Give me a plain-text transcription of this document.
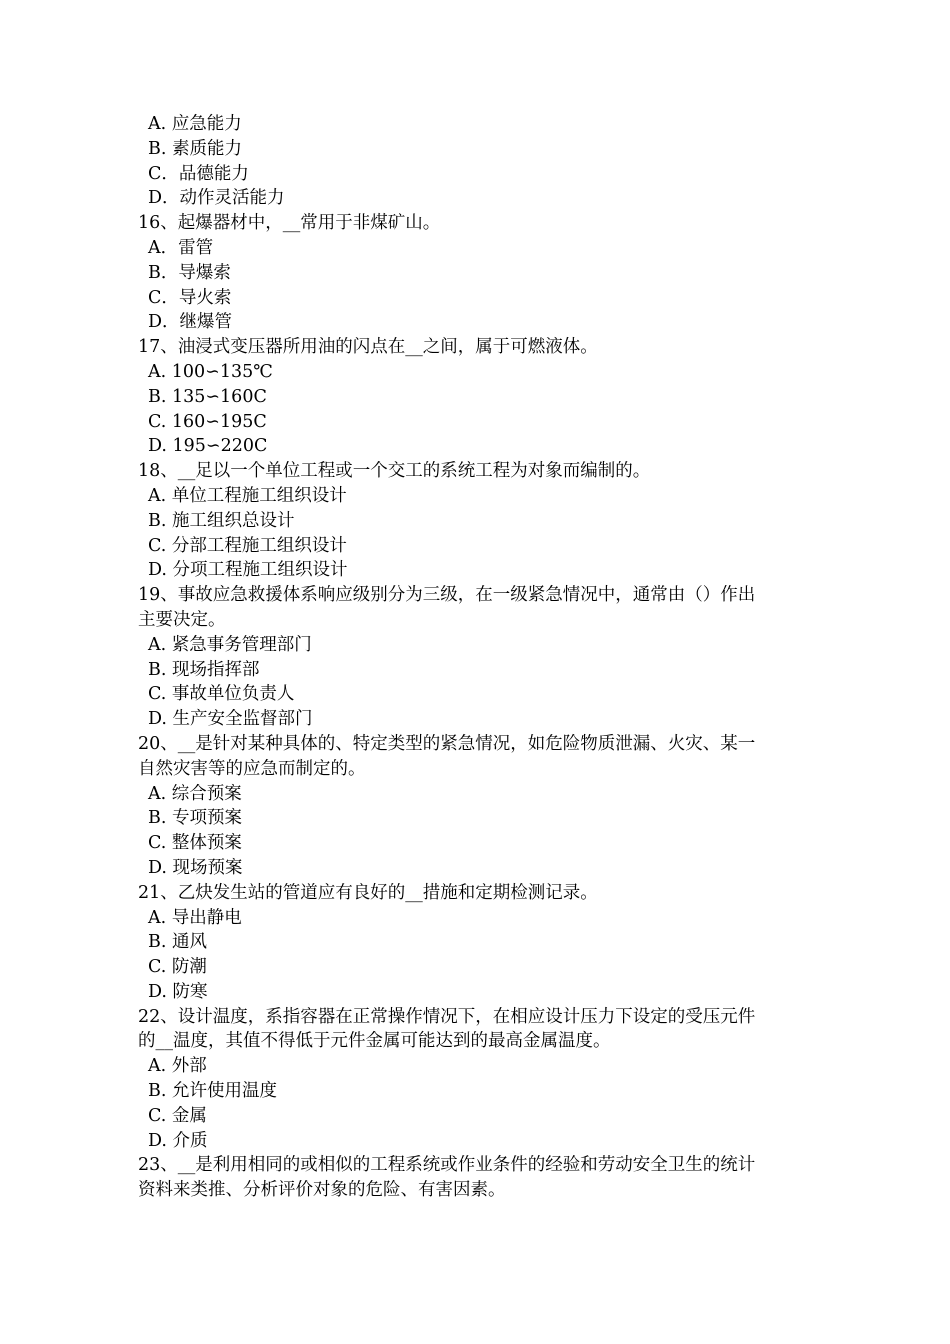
A. 应急能力
B. 素质能力
C．品德能力
D．动作灵活能力
16、起爆器材中，__常用于非煤矿山。
A．雷管
B．导爆索
C．导火索
D．继爆管
17、油浸式变压器所用油的闪点在__之间，属于可燃液体。
A. 100∽135℃
B. 135∽160C
C. 160∽195C
D. 195∽220C
18、__足以一个单位工程或一个交工的系统工程为对象而编制的。
A. 单位工程施工组织设计
B. 施工组织总设计
C. 分部工程施工组织设计
D. 分项工程施工组织设计
19、事故应急救援体系响应级别分为三级，在一级紧急情况中，通常由（）作出
主要决定。
A. 紧急事务管理部门
B. 现场指挥部
C. 事故单位负责人
D. 生产安全监督部门
20、__是针对某种具体的、特定类型的紧急情况，如危险物质泄漏、火灾、某一
自然灾害等的应急而制定的。
A. 综合预案
B. 专项预案
C. 整体预案
D. 现场预案
21、乙炔发生站的管道应有良好的__措施和定期检测记录。
A. 导出静电
B. 通风
C. 防潮
D. 防寒
22、设计温度，系指容器在正常操作情况下，在相应设计压力下设定的受压元件
的__温度，其值不得低于元件金属可能达到的最高金属温度。
A. 外部
B. 允许使用温度
C. 金属
D. 介质
23、__是利用相同的或相似的工程系统或作业条件的经验和劳动安全卫生的统计
资料来类推、分析评价对象的危险、有害因素。
